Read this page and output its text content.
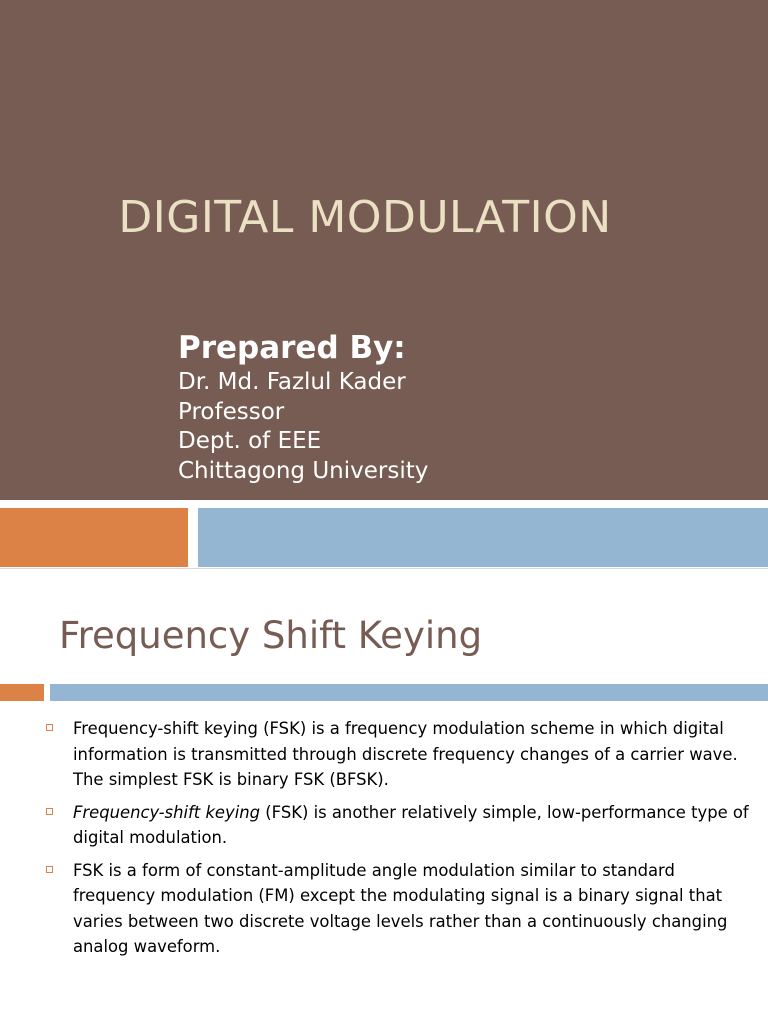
DIGITAL MODULATION
Prepared By:
Dr. Md. Fazlul Kader
Professor
Dept. of EEE
Chittagong University
Frequency Shift Keying
Frequency-shift keying (FSK) is a frequency modulation scheme in which digital information is transmitted through discrete frequency changes of a carrier wave. The simplest FSK is binary FSK (BFSK).
Frequency-shift keying (FSK) is another relatively simple, low-performance type of digital modulation.
FSK is a form of constant-amplitude angle modulation similar to standard frequency modulation (FM) except the modulating signal is a binary signal that varies between two discrete voltage levels rather than a continuously changing analog waveform.
